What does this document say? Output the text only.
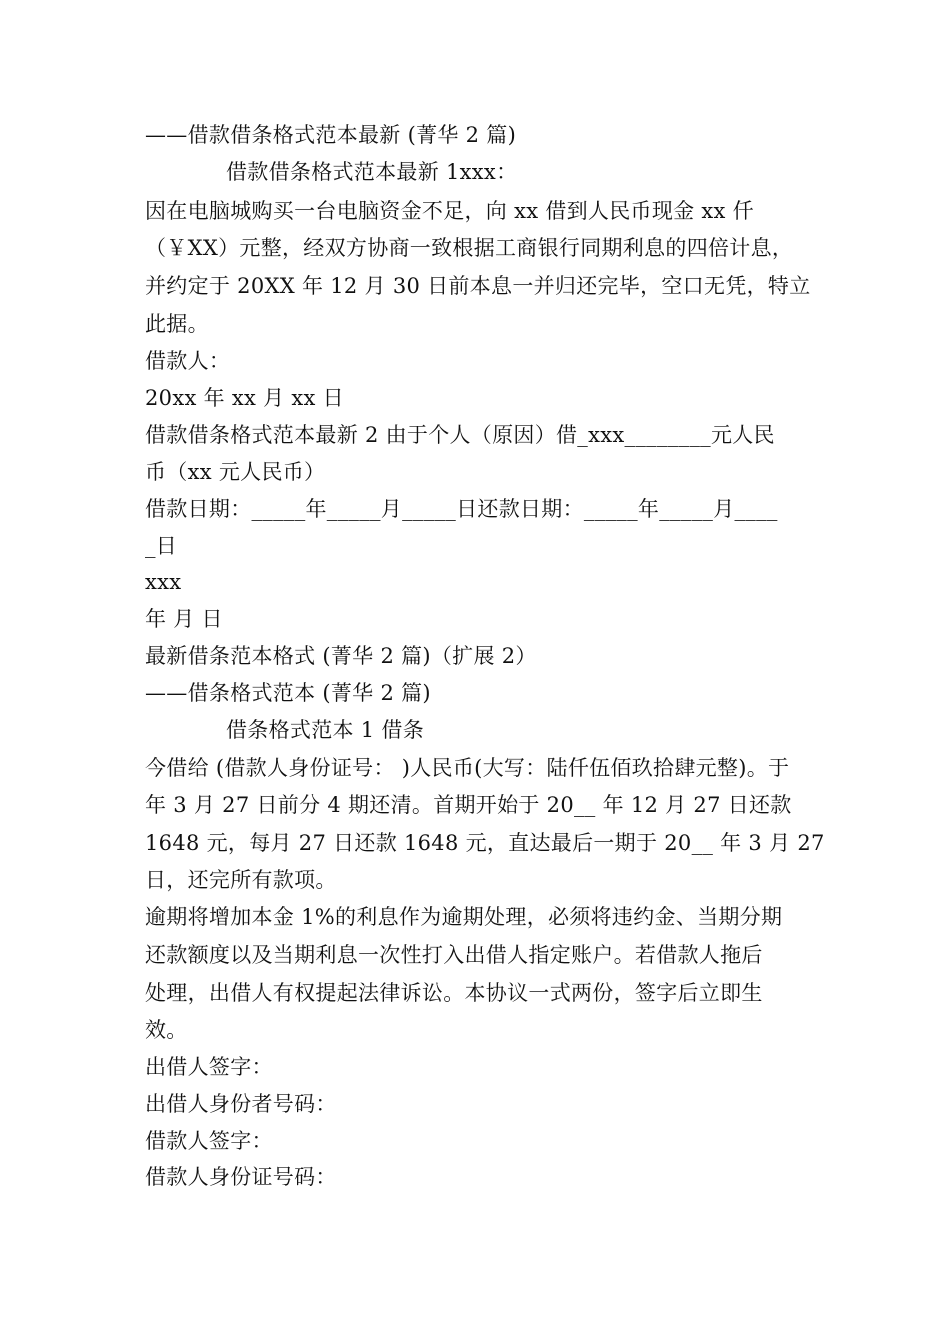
——借款借条格式范本最新 (菁华 2 篇)
借款借条格式范本最新 1xxx：
因在电脑城购买一台电脑资金不足，向 xx 借到人民币现金 xx 仟
（￥XX）元整，经双方协商一致根据工商银行同期利息的四倍计息，
并约定于 20XX 年 12 月 30 日前本息一并归还完毕，空口无凭，特立
此据。
借款人：
20xx 年 xx 月 xx 日
借款借条格式范本最新 2 由于个人（原因）借_xxx________元人民
币（xx 元人民币）
借款日期：_____年_____月_____日还款日期：_____年_____月____
_日
xxx
年 月 日
最新借条范本格式 (菁华 2 篇)（扩展 2）
——借条格式范本 (菁华 2 篇)
借条格式范本 1 借条
今借给 (借款人身份证号： )人民币(大写：陆仟伍佰玖拾肆元整)。于
年 3 月 27 日前分 4 期还清。首期开始于 20__ 年 12 月 27 日还款
1648 元，每月 27 日还款 1648 元，直达最后一期于 20__ 年 3 月 27
日，还完所有款项。
逾期将增加本金 1%的利息作为逾期处理，必须将违约金、当期分期
还款额度以及当期利息一次性打入出借人指定账户。若借款人拖后
处理，出借人有权提起法律诉讼。本协议一式两份，签字后立即生
效。
出借人签字：
出借人身份者号码：
借款人签字：
借款人身份证号码：
